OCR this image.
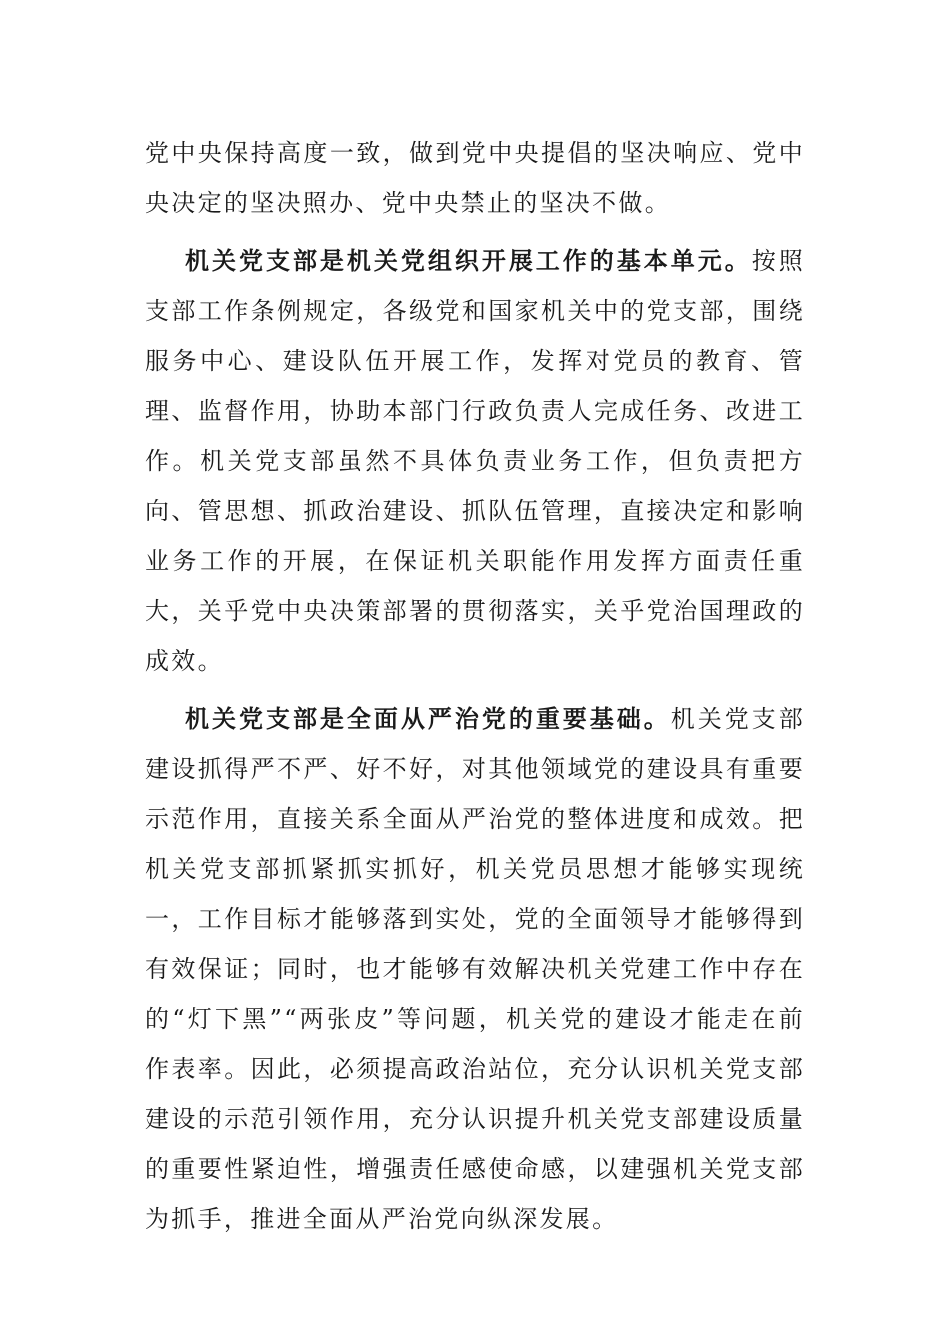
党中央保持高度一致，做到党中央提倡的坚决响应、党中央决定的坚决照办、党中央禁止的坚决不做。

机关党支部是机关党组织开展工作的基本单元。按照支部工作条例规定，各级党和国家机关中的党支部，围绕服务中心、建设队伍开展工作，发挥对党员的教育、管理、监督作用，协助本部门行政负责人完成任务、改进工作。机关党支部虽然不具体负责业务工作，但负责把方向、管思想、抓政治建设、抓队伍管理，直接决定和影响业务工作的开展，在保证机关职能作用发挥方面责任重大，关乎党中央决策部署的贯彻落实，关乎党治国理政的成效。

机关党支部是全面从严治党的重要基础。机关党支部建设抓得严不严、好不好，对其他领域党的建设具有重要示范作用，直接关系全面从严治党的整体进度和成效。把机关党支部抓紧抓实抓好，机关党员思想才能够实现统一，工作目标才能够落到实处，党的全面领导才能够得到有效保证；同时，也才能够有效解决机关党建工作中存在的“灯下黑”“两张皮”等问题，机关党的建设才能走在前作表率。因此，必须提高政治站位，充分认识机关党支部建设的示范引领作用，充分认识提升机关党支部建设质量的重要性紧迫性，增强责任感使命感，以建强机关党支部为抓手，推进全面从严治党向纵深发展。
